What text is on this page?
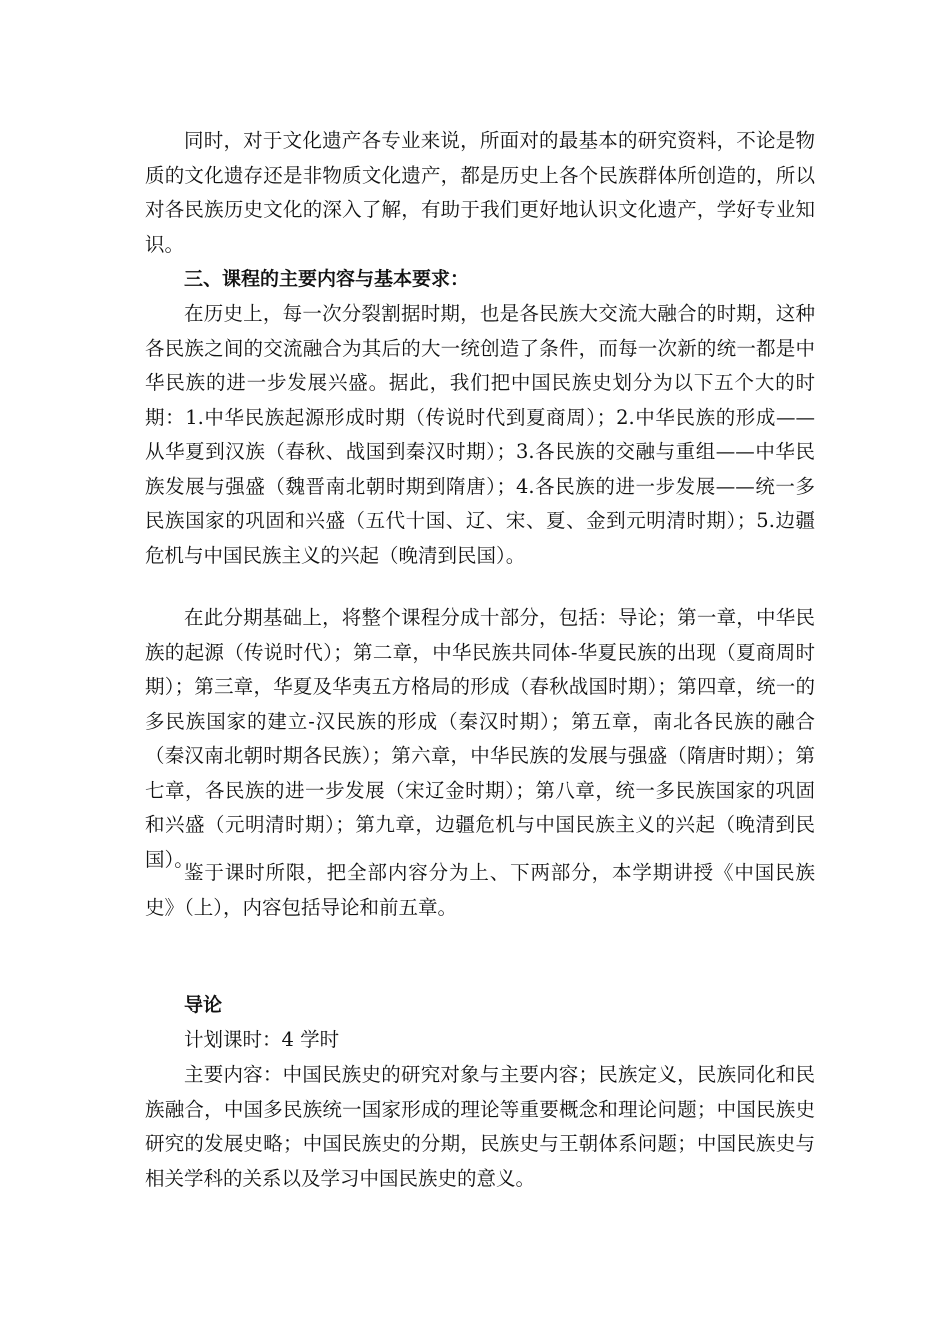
同时，对于文化遗产各专业来说，所面对的最基本的研究资料，不论是物质的文化遗存还是非物质文化遗产，都是历史上各个民族群体所创造的，所以对各民族历史文化的深入了解，有助于我们更好地认识文化遗产，学好专业知识。

三、课程的主要内容与基本要求：

在历史上，每一次分裂割据时期，也是各民族大交流大融合的时期，这种各民族之间的交流融合为其后的大一统创造了条件，而每一次新的统一都是中华民族的进一步发展兴盛。据此，我们把中国民族史划分为以下五个大的时期：1.中华民族起源形成时期（传说时代到夏商周）；2.中华民族的形成——从华夏到汉族（春秋、战国到秦汉时期）；3.各民族的交融与重组——中华民族发展与强盛（魏晋南北朝时期到隋唐）；4.各民族的进一步发展——统一多民族国家的巩固和兴盛（五代十国、辽、宋、夏、金到元明清时期）；5.边疆危机与中国民族主义的兴起（晚清到民国）。

在此分期基础上，将整个课程分成十部分，包括：导论；第一章，中华民族的起源（传说时代）；第二章，中华民族共同体-华夏民族的出现（夏商周时期）；第三章，华夏及华夷五方格局的形成（春秋战国时期）；第四章，统一的多民族国家的建立-汉民族的形成（秦汉时期）；第五章，南北各民族的融合（秦汉南北朝时期各民族）；第六章，中华民族的发展与强盛（隋唐时期）；第七章，各民族的进一步发展（宋辽金时期）；第八章，统一多民族国家的巩固和兴盛（元明清时期）；第九章，边疆危机与中国民族主义的兴起（晚清到民国）。

鉴于课时所限，把全部内容分为上、下两部分，本学期讲授《中国民族史》（上），内容包括导论和前五章。

导论

计划课时：4 学时

主要内容：中国民族史的研究对象与主要内容；民族定义，民族同化和民族融合，中国多民族统一国家形成的理论等重要概念和理论问题；中国民族史研究的发展史略；中国民族史的分期，民族史与王朝体系问题；中国民族史与相关学科的关系以及学习中国民族史的意义。
